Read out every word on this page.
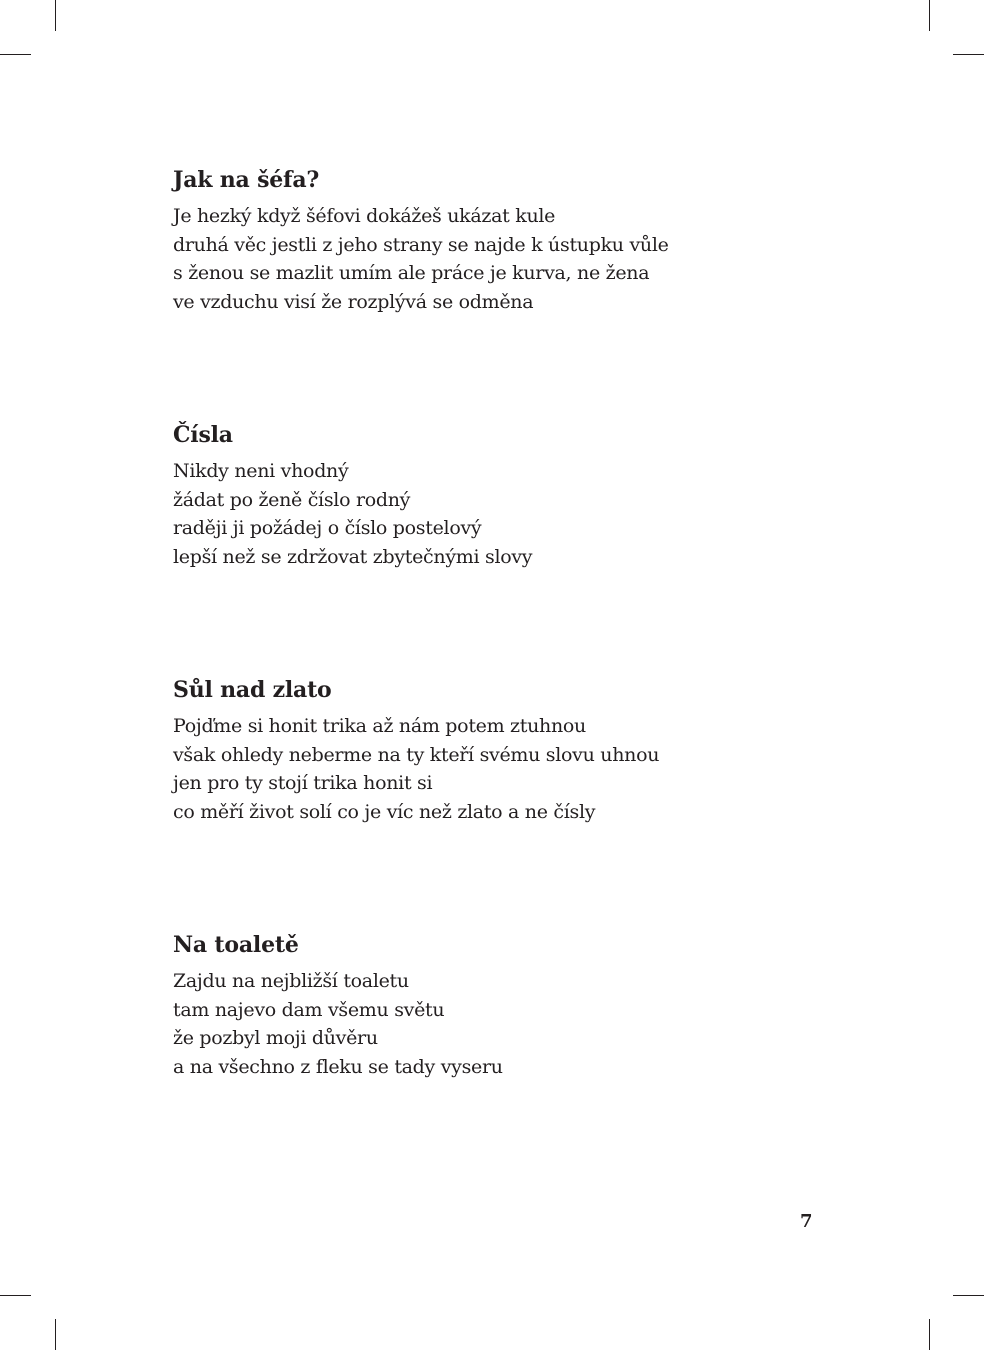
Jak na šéfa?
Je hezký když šéfovi dokážeš ukázat kule
druhá věc jestli z jeho strany se najde k ústupku vůle
s ženou se mazlit umím ale práce je kurva, ne žena
ve vzduchu visí že rozplývá se odměna
Čísla
Nikdy neni vhodný
žádat po ženě číslo rodný
raději ji požádej o číslo postelový
lepší než se zdržovat zbytečnými slovy
Sůl nad zlato
Pojďme si honit trika až nám potem ztuhnou
však ohledy neberme na ty kteří svému slovu uhnou
jen pro ty stojí trika honit si
co měří život solí co je víc než zlato a ne čísly
Na toaletě
Zajdu na nejbližší toaletu
tam najevo dam všemu světu
že pozbyl moji důvěru
a na všechno z fleku se tady vyseru
7
